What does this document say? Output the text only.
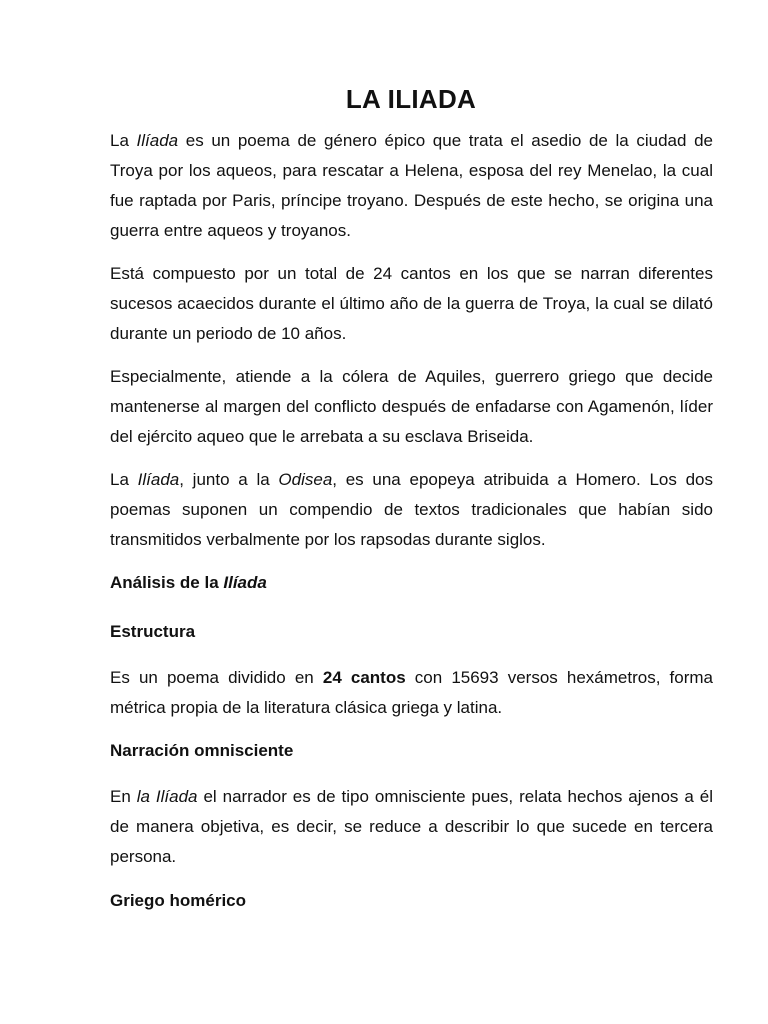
LA ILIADA

La Ilíada es un poema de género épico que trata el asedio de la ciudad de Troya por los aqueos, para rescatar a Helena, esposa del rey Menelao, la cual fue raptada por Paris, príncipe troyano. Después de este hecho, se origina una guerra entre aqueos y troyanos.

Está compuesto por un total de 24 cantos en los que se narran diferentes sucesos acaecidos durante el último año de la guerra de Troya, la cual se dilató durante un periodo de 10 años.

Especialmente, atiende a la cólera de Aquiles, guerrero griego que decide mantenerse al margen del conflicto después de enfadarse con Agamenón, líder del ejército aqueo que le arrebata a su esclava Briseida.

La Ilíada, junto a la Odisea, es una epopeya atribuida a Homero. Los dos poemas suponen un compendio de textos tradicionales que habían sido transmitidos verbalmente por los rapsodas durante siglos.

Análisis de la Ilíada

Estructura

Es un poema dividido en 24 cantos con 15693 versos hexámetros, forma métrica propia de la literatura clásica griega y latina.

Narración omnisciente

En la Ilíada el narrador es de tipo omnisciente pues, relata hechos ajenos a él de manera objetiva, es decir, se reduce a describir lo que sucede en tercera persona.

Griego homérico
